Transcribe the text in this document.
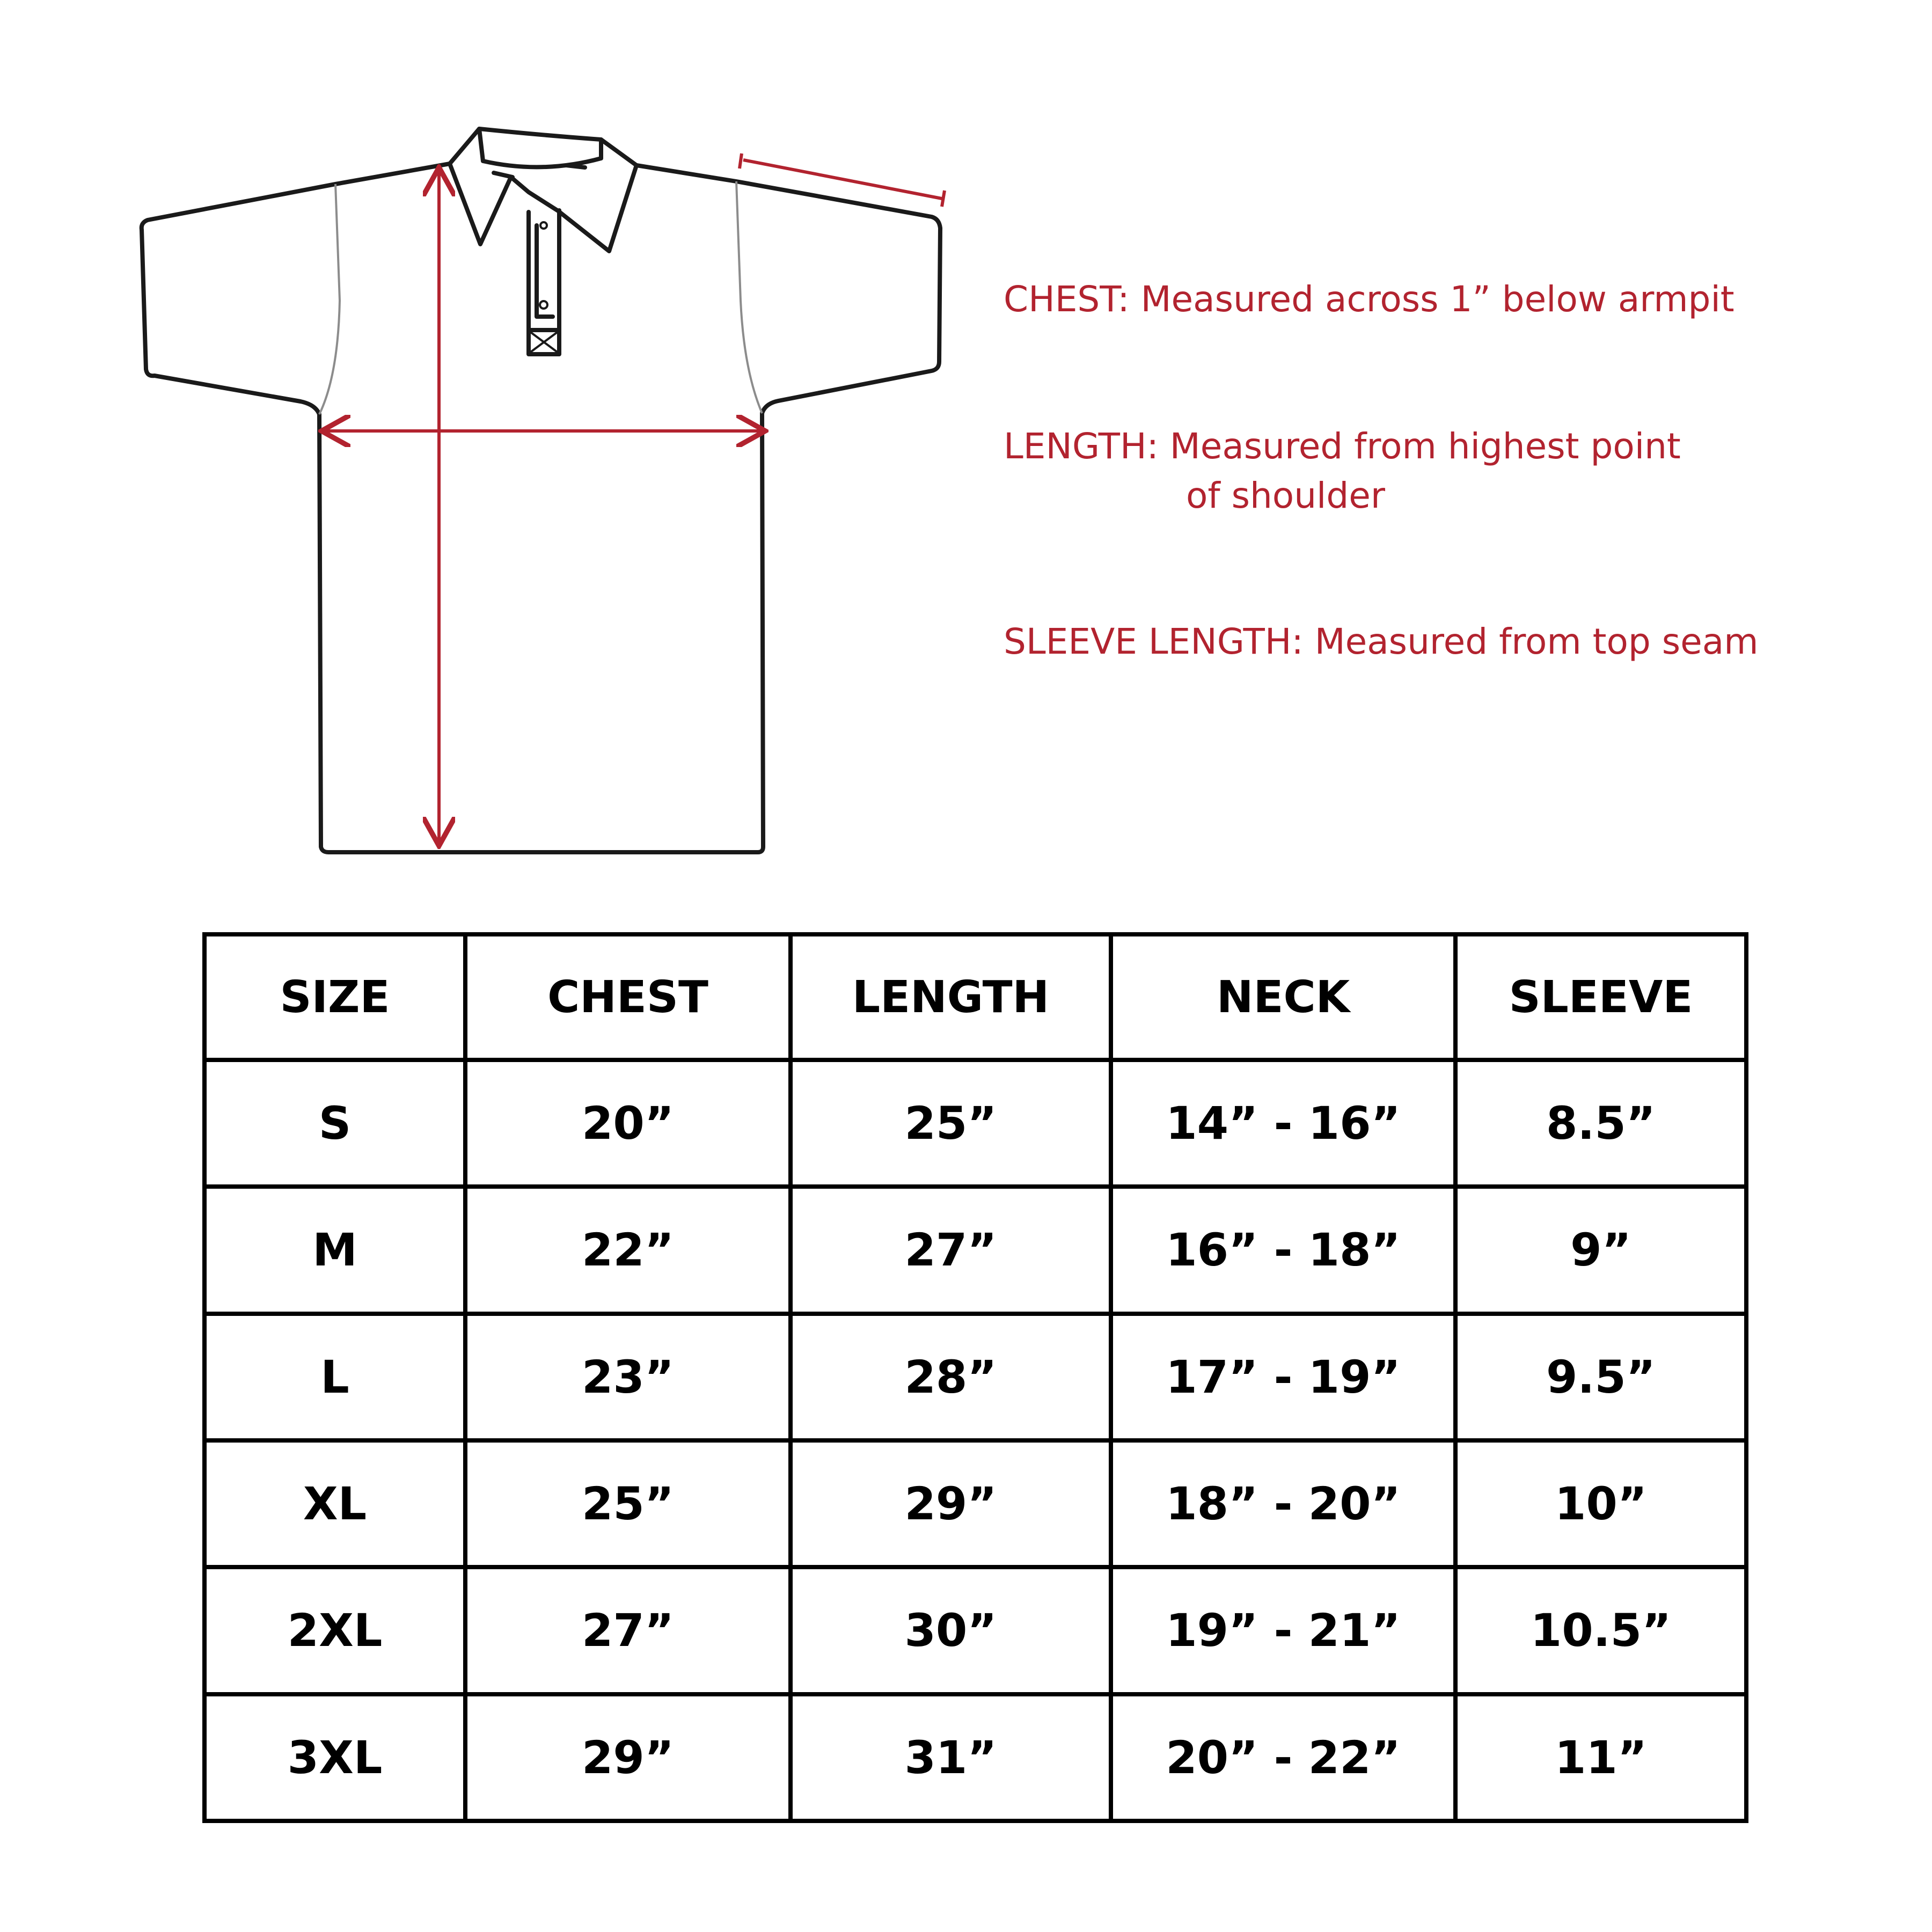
CHEST: Measured across 1” below armpit
LENGTH: Measured from highest point
of shoulder
SLEEVE LENGTH: Measured from top seam
SIZE	CHEST	LENGTH	NECK	SLEEVE
S	20”	25”	14” - 16”	8.5”
M	22”	27”	16” - 18”	9”
L	23”	28”	17” - 19”	9.5”
XL	25”	29”	18” - 20”	10”
2XL	27”	30”	19” - 21”	10.5”
3XL	29”	31”	20” - 22”	11”
